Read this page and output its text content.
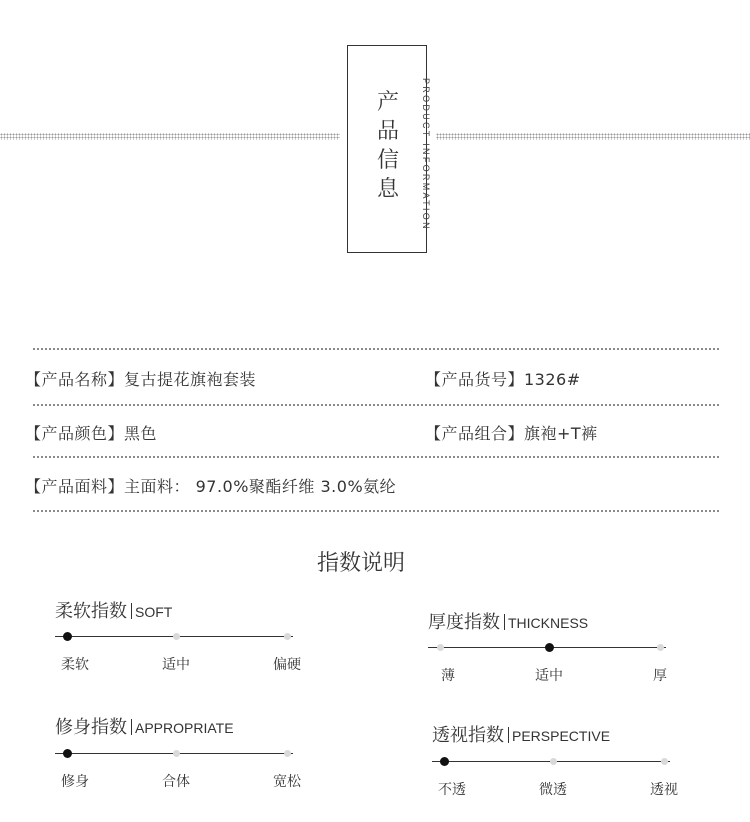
产
品
信
息	PRODUCT INFORMATION
【产品名称】复古提花旗袍套装	【产品货号】1326#
【产品颜色】黑色	【产品组合】旗袍+T裤
【产品面料】主面料： 97.0%聚酯纤维 3.0%氨纶
指数说明
柔软指数 SOFT
柔软	适中	偏硬
修身指数 APPROPRIATE
修身	合体	宽松
厚度指数 THICKNESS
薄	适中	厚
透视指数 PERSPECTIVE
不透	微透	透视
